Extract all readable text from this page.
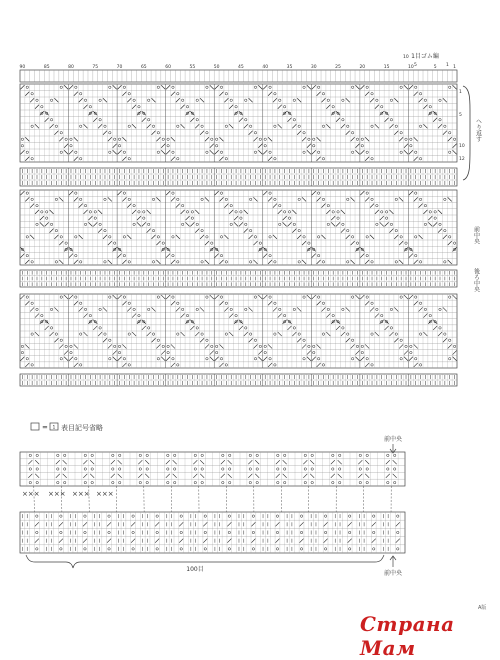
90	85	80	75	70	65	60	55	50	45	40	35	30	25	20	15	10	5	1
1目ゴム編
10
5	1
へり返す
1
5
10
12
前中央
後ろ中央
= 1 表目記号省略
前中央
前中央
100目
××× ××× ××× ×××
Страна Мам
A版
